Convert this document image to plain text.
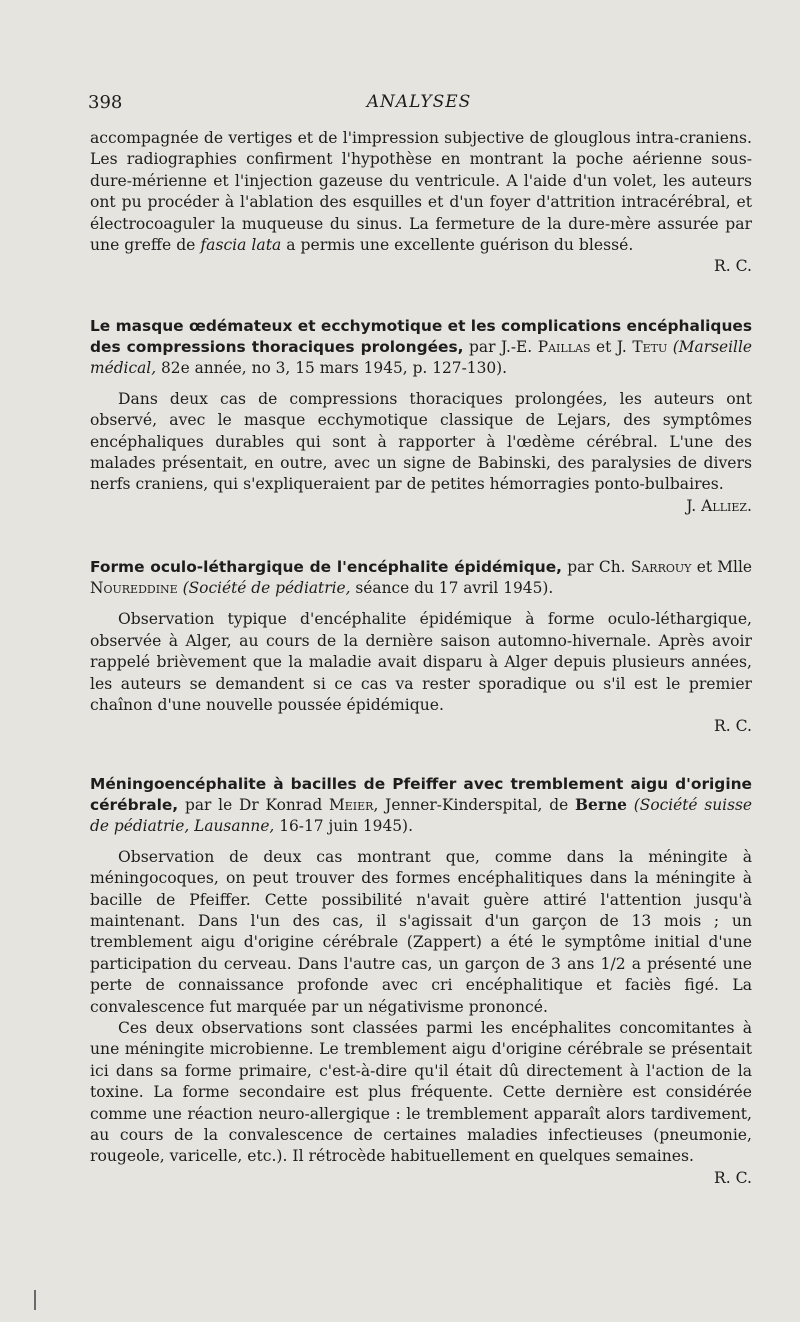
398	ANALYSES

accompagnée de vertiges et de l'impression subjective de glouglous intra-craniens. Les radiographies confirment l'hypothèse en montrant la poche aérienne sous-dure-mérienne et l'injection gazeuse du ventricule. A l'aide d'un volet, les auteurs ont pu procéder à l'ablation des esquilles et d'un foyer d'attrition intracérébral, et électrocoaguler la muqueuse du sinus. La fermeture de la dure-mère assurée par une greffe de fascia lata a permis une excellente guérison du blessé.

R. C.

Le masque œdémateux et ecchymotique et les complications encéphaliques des compressions thoraciques prolongées, par J.-E. Paillas et J. Tetu (Marseille médical, 82e année, no 3, 15 mars 1945, p. 127-130).

Dans deux cas de compressions thoraciques prolongées, les auteurs ont observé, avec le masque ecchymotique classique de Lejars, des symptômes encéphaliques durables qui sont à rapporter à l'œdème cérébral. L'une des malades présentait, en outre, avec un signe de Babinski, des paralysies de divers nerfs craniens, qui s'expliqueraient par de petites hémorragies ponto-bulbaires.

J. Alliez.

Forme oculo-léthargique de l'encéphalite épidémique, par Ch. Sarrouy et Mlle Noureddine (Société de pédiatrie, séance du 17 avril 1945).

Observation typique d'encéphalite épidémique à forme oculo-léthargique, observée à Alger, au cours de la dernière saison automno-hivernale. Après avoir rappelé brièvement que la maladie avait disparu à Alger depuis plusieurs années, les auteurs se demandent si ce cas va rester sporadique ou s'il est le premier chaînon d'une nouvelle poussée épidémique.

R. C.

Méningoencéphalite à bacilles de Pfeiffer avec tremblement aigu d'origine cérébrale, par le Dr Konrad Meier, Jenner-Kinderspital, de Berne (Société suisse de pédiatrie, Lausanne, 16-17 juin 1945).

Observation de deux cas montrant que, comme dans la méningite à méningocoques, on peut trouver des formes encéphalitiques dans la méningite à bacille de Pfeiffer. Cette possibilité n'avait guère attiré l'attention jusqu'à maintenant. Dans l'un des cas, il s'agissait d'un garçon de 13 mois ; un tremblement aigu d'origine cérébrale (Zappert) a été le symptôme initial d'une participation du cerveau. Dans l'autre cas, un garçon de 3 ans 1/2 a présenté une perte de connaissance profonde avec cri encéphalitique et faciès figé. La convalescence fut marquée par un négativisme prononcé.

Ces deux observations sont classées parmi les encéphalites concomitantes à une méningite microbienne. Le tremblement aigu d'origine cérébrale se présentait ici dans sa forme primaire, c'est-à-dire qu'il était dû directement à l'action de la toxine. La forme secondaire est plus fréquente. Cette dernière est considérée comme une réaction neuro-allergique : le tremblement apparaît alors tardivement, au cours de la convalescence de certaines maladies infectieuses (pneumonie, rougeole, varicelle, etc.). Il rétrocède habituellement en quelques semaines.

R. C.
